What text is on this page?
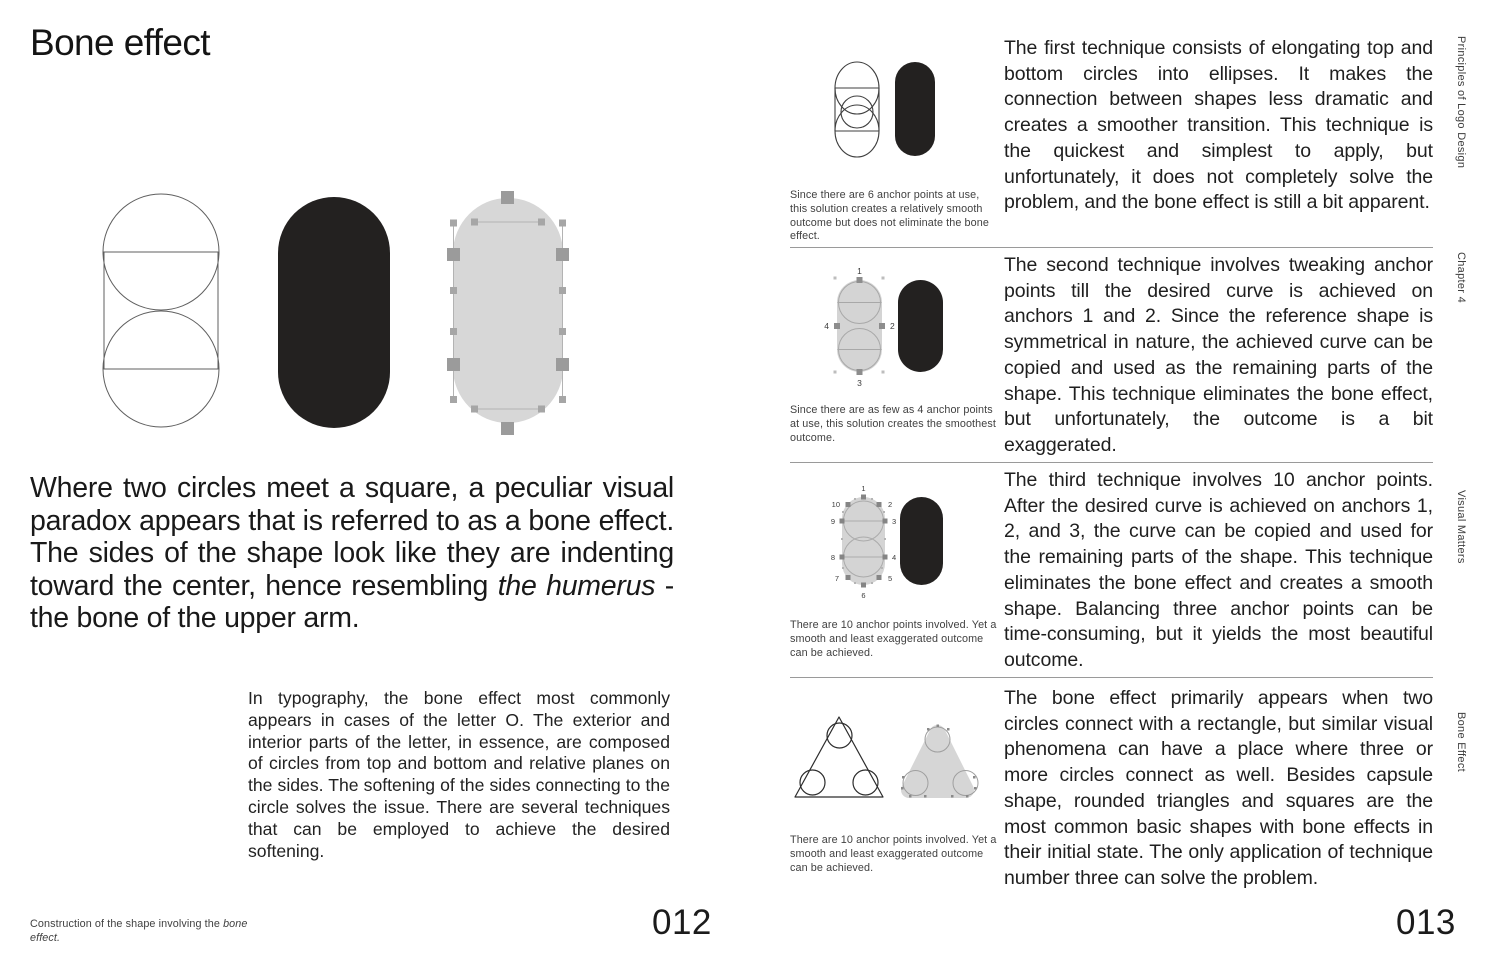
Bone effect
Where two circles meet a square, a peculiar visual paradox appears that is referred to as a bone effect. The sides of the shape look like they are indenting toward the center, hence resembling the humerus - the bone of the upper arm.
In typography, the bone effect most commonly appears in cases of the letter O. The exterior and interior parts of the letter, in essence, are composed of circles from top and bottom and relative planes on the sides. The softening of the sides connecting to the circle solves the issue. There are several techniques that can be employed to achieve the desired softening.
Construction of the shape involving the bone effect.	012
Since there are 6 anchor points at use, this solution creates a relatively smooth outcome but does not eliminate the bone effect.
The first technique consists of elongating top and bottom circles into ellipses. It makes the connection between shapes less dramatic and creates a smoother transition. This technique is the quickest and simplest to apply, but unfortunately, it does not completely solve the problem, and the bone effect is still a bit apparent.
1
2
3
4
Since there are as few as 4 anchor points at use, this solution creates the smoothest outcome.
The second technique involves tweaking anchor points till the desired curve is achieved on anchors 1 and 2. Since the reference shape is symmetrical in nature, the achieved curve can be copied and used as the remaining parts of the shape. This technique eliminates the bone effect, but unfortunately, the outcome is a bit exaggerated.
1
2
3
4
5
6
7
8
9
10
There are 10 anchor points involved. Yet a smooth and least exaggerated outcome can be achieved.
The third technique involves 10 anchor points. After the desired curve is achieved on anchors 1, 2, and 3, the curve can be copied and used for the remaining parts of the shape. This technique eliminates the bone effect and creates a smooth shape. Balancing three anchor points can be time-consuming, but it yields the most beautiful outcome.
There are 10 anchor points involved. Yet a smooth and least exaggerated outcome can be achieved.
The bone effect primarily appears when two circles connect with a rectangle, but similar visual phenomena can have a place where three or more circles connect as well. Besides capsule shape, rounded triangles and squares are the most common basic shapes with bone effects in their initial state. The only application of technique number three can solve the problem.
Principles of Logo Design
Chapter 4
Visual Matters
Bone Effect
013
